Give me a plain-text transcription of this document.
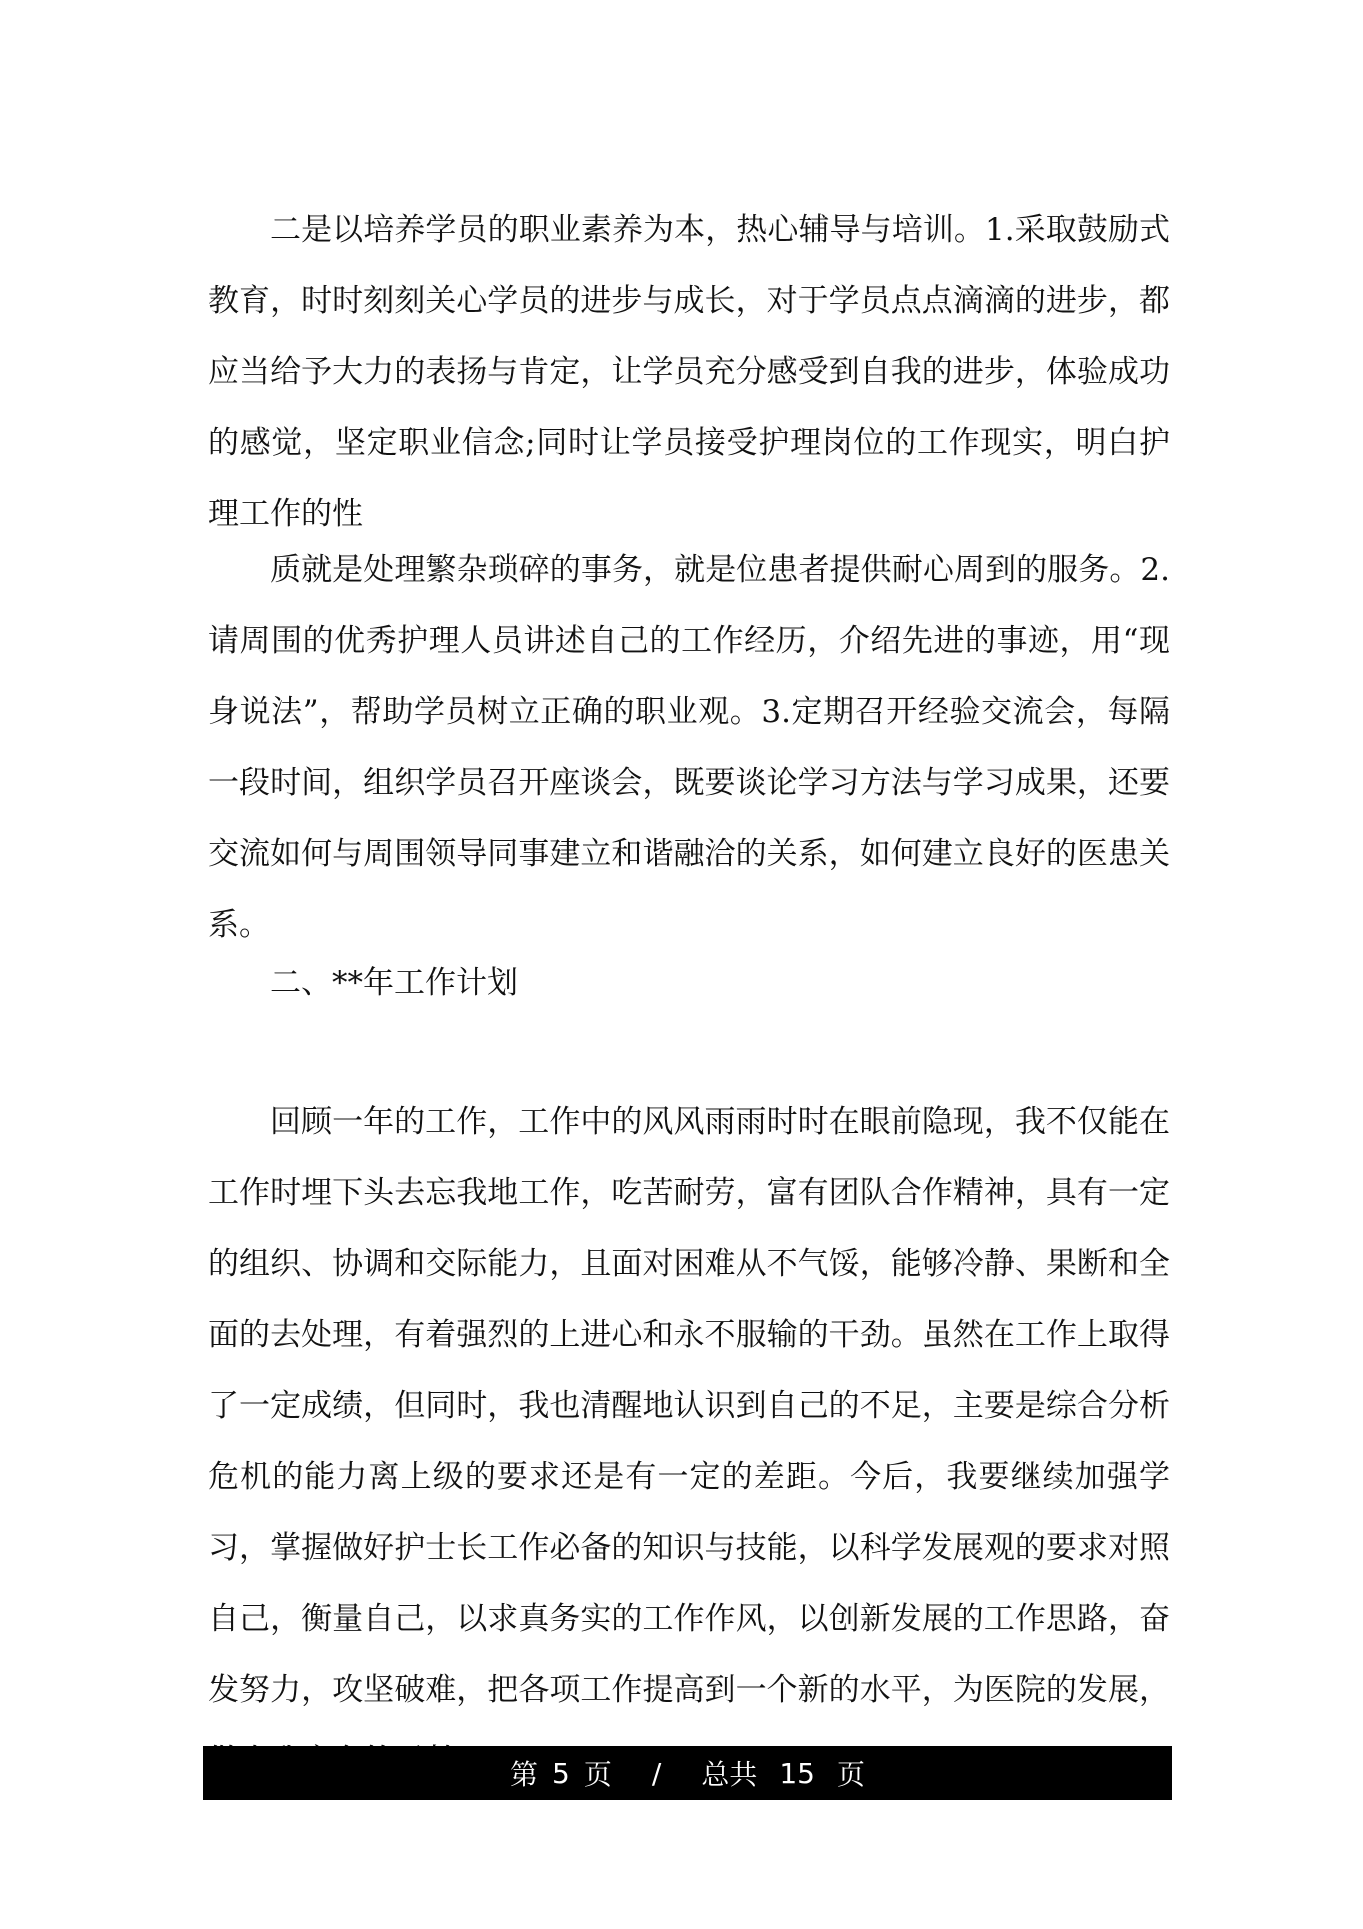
二是以培养学员的职业素养为本，热心辅导与培训。1.采取鼓励式教育，时时刻刻关心学员的进步与成长，对于学员点点滴滴的进步，都应当给予大力的表扬与肯定，让学员充分感受到自我的进步，体验成功的感觉，坚定职业信念;同时让学员接受护理岗位的工作现实，明白护理工作的性

质就是处理繁杂琐碎的事务，就是位患者提供耐心周到的服务。2.请周围的优秀护理人员讲述自己的工作经历，介绍先进的事迹，用“现身说法”，帮助学员树立正确的职业观。3.定期召开经验交流会，每隔一段时间，组织学员召开座谈会，既要谈论学习方法与学习成果，还要交流如何与周围领导同事建立和谐融洽的关系，如何建立良好的医患关系。

二、**年工作计划

回顾一年的工作，工作中的风风雨雨时时在眼前隐现，我不仅能在工作时埋下头去忘我地工作，吃苦耐劳，富有团队合作精神，具有一定的组织、协调和交际能力，且面对困难从不气馁，能够冷静、果断和全面的去处理，有着强烈的上进心和永不服输的干劲。虽然在工作上取得了一定成绩，但同时，我也清醒地认识到自己的不足，主要是综合分析危机的能力离上级的要求还是有一定的差距。今后，我要继续加强学习，掌握做好护士长工作必备的知识与技能，以科学发展观的要求对照自己，衡量自己，以求真务实的工作作风，以创新发展的工作思路，奋发努力，攻坚破难，把各项工作提高到一个新的水平，为医院的发展，

第 5 页 / 总共 15 页
